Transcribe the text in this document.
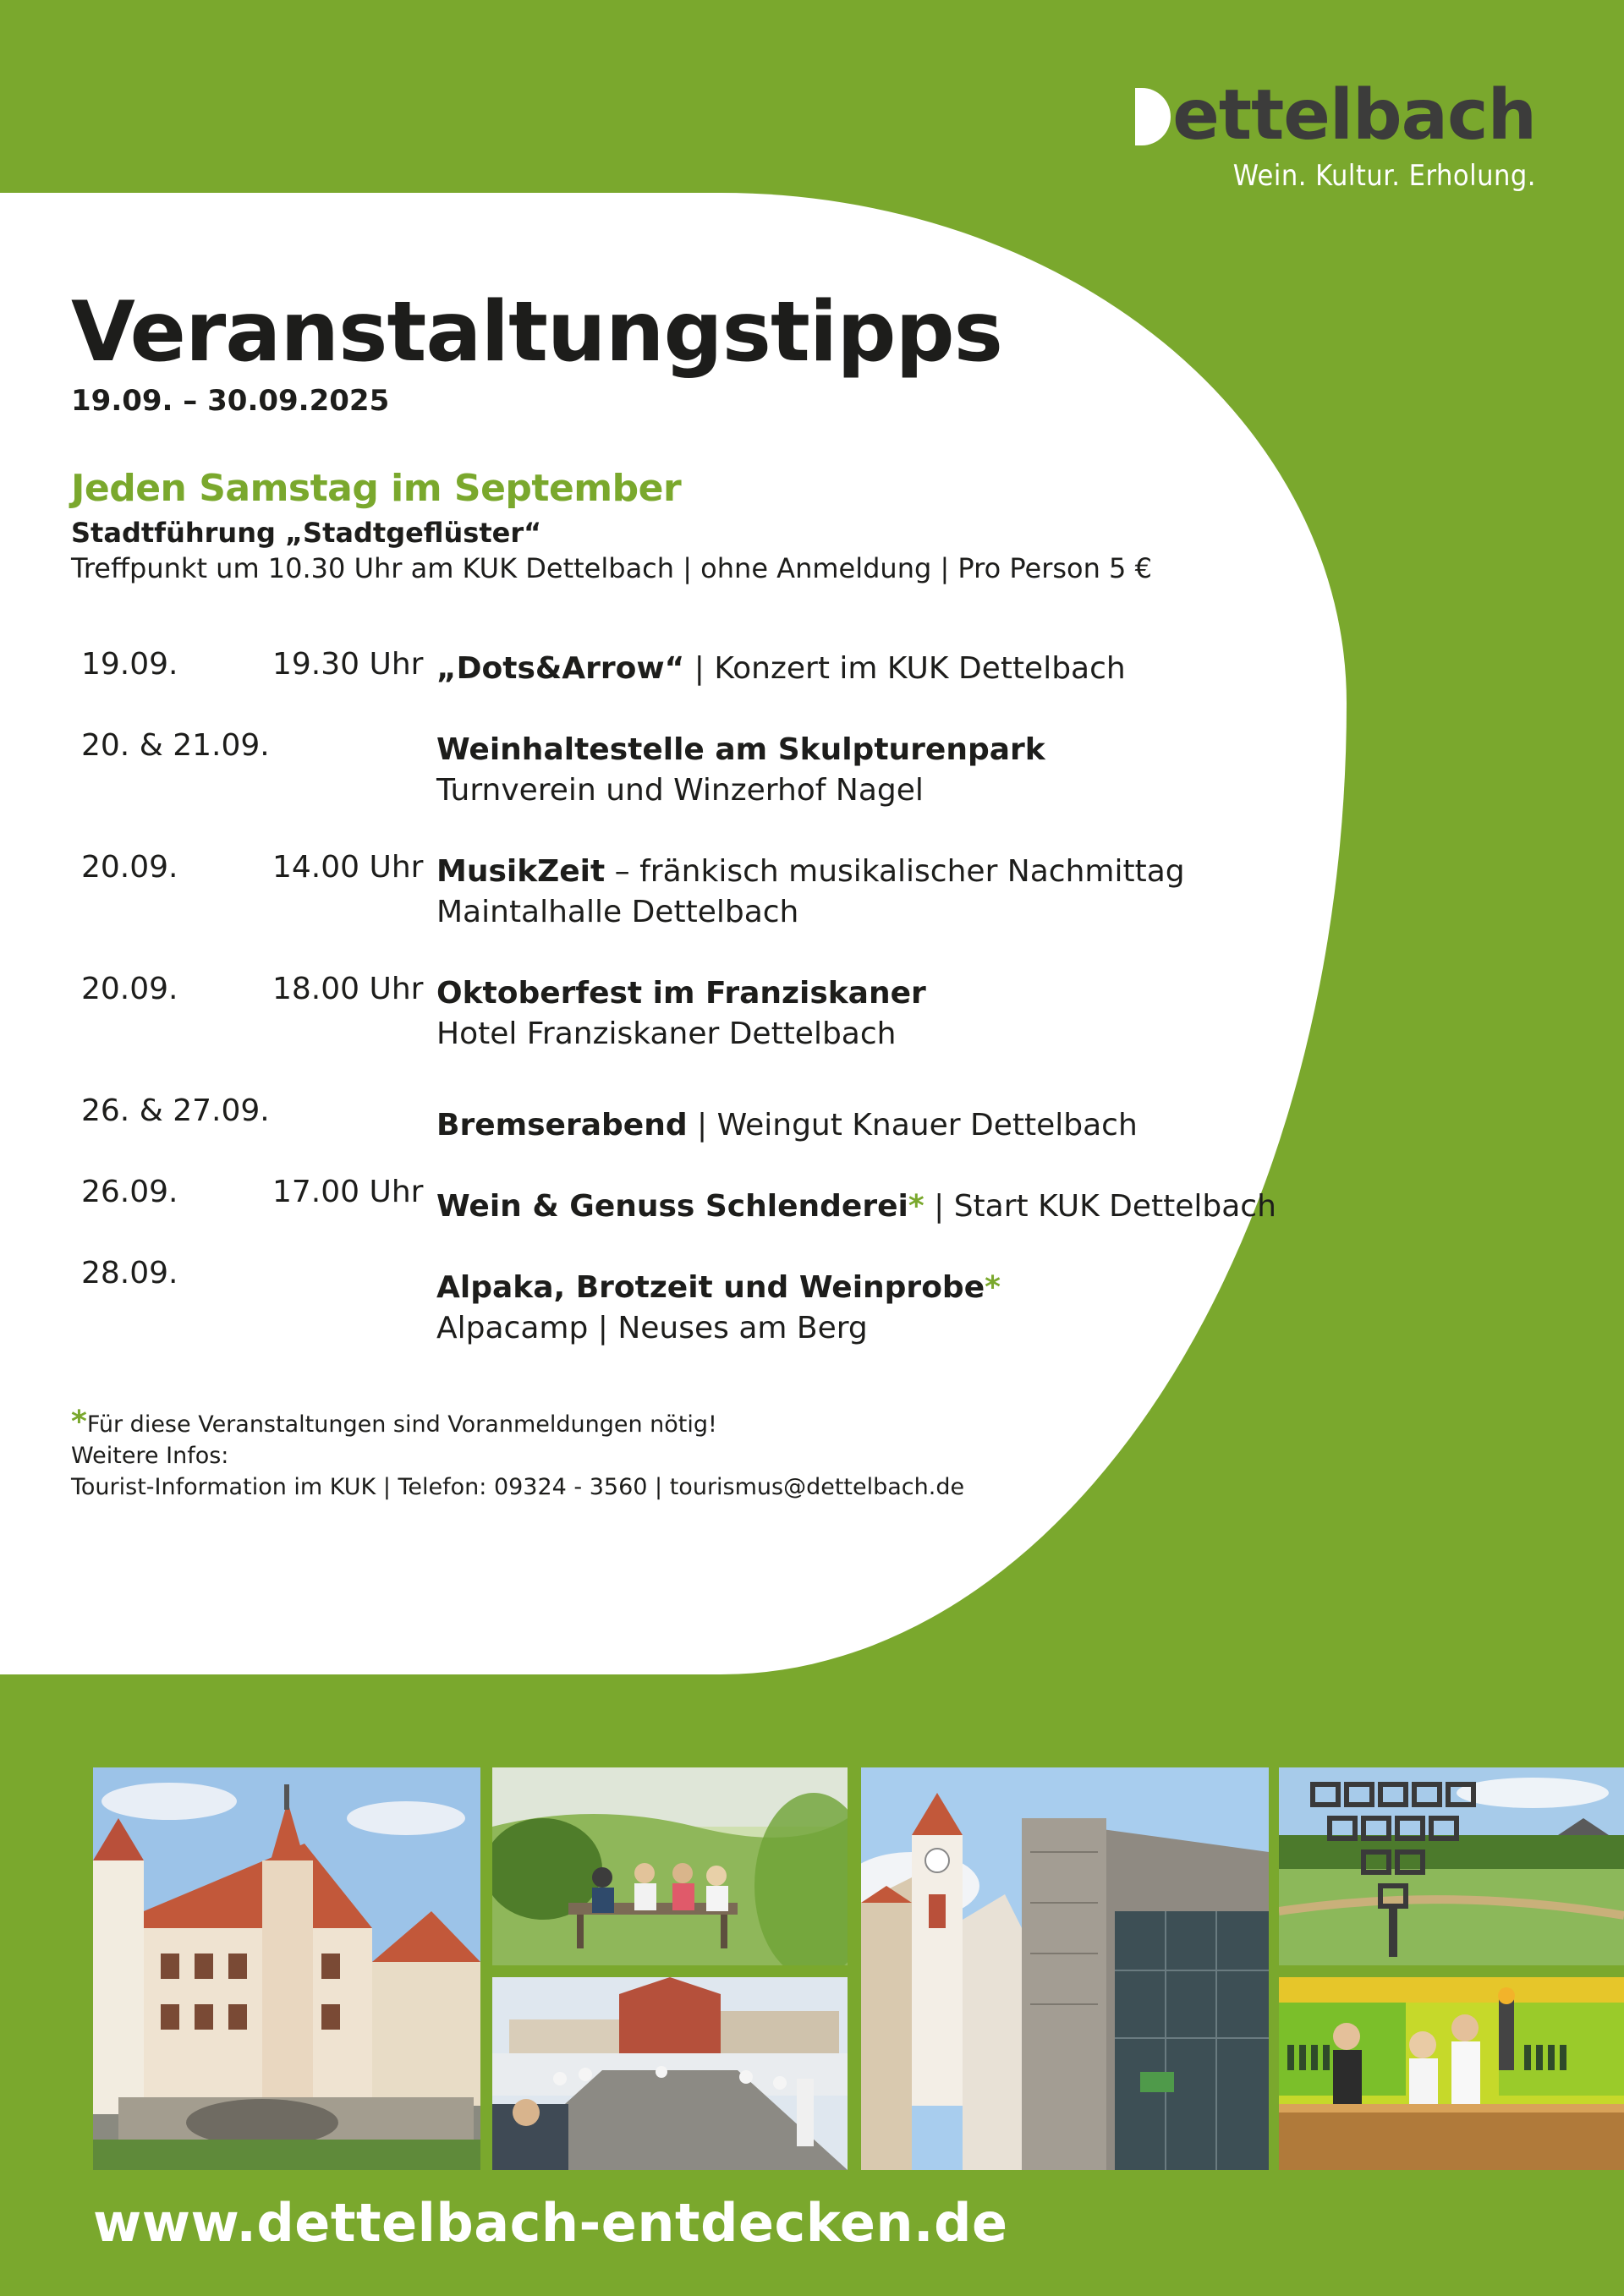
ettelbach
Wein. Kultur. Erholung.
Veranstaltungstipps
19.09. – 30.09.2025
Jeden Samstag im September
Stadtführung „Stadtgeflüster“
Treffpunkt um 10.30 Uhr am KUK Dettelbach | ohne Anmeldung | Pro Person 5 €
19.09.	19.30 Uhr „Dots&Arrow“ | Konzert im KUK Dettelbach
20. & 21.09.	Weinhaltestelle am Skulpturenpark
Turnverein und Winzerhof Nagel
20.09.	14.00 Uhr MusikZeit – fränkisch musikalischer Nachmittag
Maintalhalle Dettelbach
20.09.	18.00 Uhr Oktoberfest im Franziskaner
Hotel Franziskaner Dettelbach
26. & 27.09.	Bremserabend | Weingut Knauer Dettelbach
26.09.	17.00 Uhr Wein & Genuss Schlenderei* | Start KUK Dettelbach
28.09.	Alpaka, Brotzeit und Weinprobe*
Alpacamp | Neuses am Berg
*Für diese Veranstaltungen sind Voranmeldungen nötig!
Weitere Infos:
Tourist-Information im KUK | Telefon: 09324 - 3560 | tourismus@dettelbach.de
www.dettelbach-entdecken.de
